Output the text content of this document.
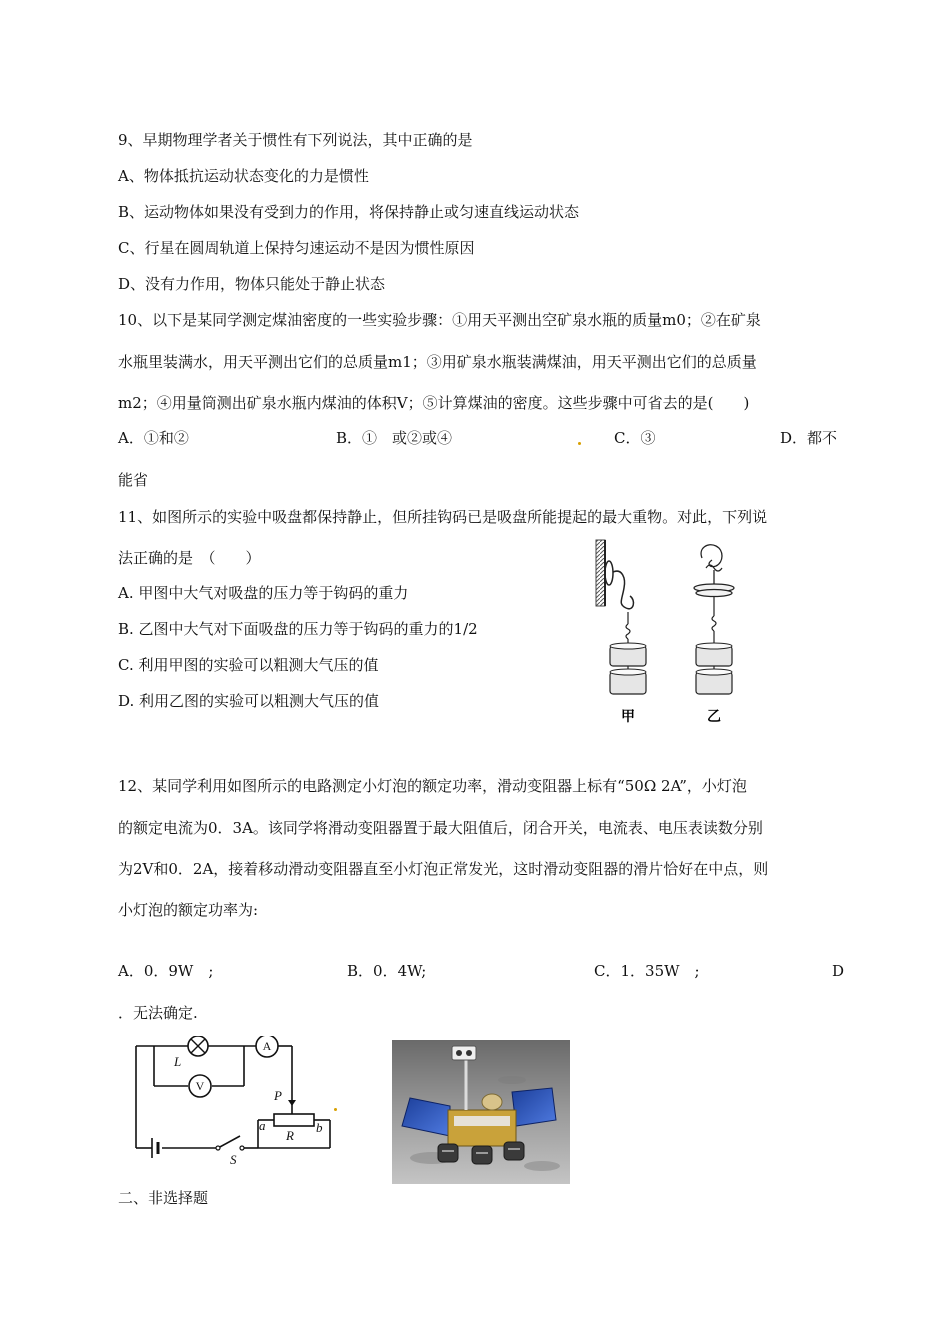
9、早期物理学者关于惯性有下列说法，其中正确的是
A、物体抵抗运动状态变化的力是惯性
B、运动物体如果没有受到力的作用，将保持静止或匀速直线运动状态
C、行星在圆周轨道上保持匀速运动不是因为惯性原因
D、没有力作用，物体只能处于静止状态
10、以下是某同学测定煤油密度的一些实验步骤：①用天平测出空矿泉水瓶的质量m0；②在矿泉
水瓶里装满水，用天平测出它们的总质量m1；③用矿泉水瓶装满煤油，用天平测出它们的总质量
m2；④用量筒测出矿泉水瓶内煤油的体积V；⑤计算煤油的密度。这些步骤中可省去的是(　　)
A．①和②	B．①　或②或④	C．③	D．都不
能省
11、如图所示的实验中吸盘都保持静止，但所挂钩码已是吸盘所能提起的最大重物。对此，下列说
法正确的是　（　　）
A. 甲图中大气对吸盘的压力等于钩码的重力
B. 乙图中大气对下面吸盘的压力等于钩码的重力的1/2
C. 利用甲图的实验可以粗测大气压的值
D. 利用乙图的实验可以粗测大气压的值
甲	乙
12、某同学利用如图所示的电路测定小灯泡的额定功率，滑动变阻器上标有“50Ω 2A”，小灯泡
的额定电流为0．3A。该同学将滑动变阻器置于最大阻值后，闭合开关，电流表、电压表读数分别
为2V和0．2A，接着移动滑动变阻器直至小灯泡正常发光，这时滑动变阻器的滑片恰好在中点，则
小灯泡的额定功率为:
A．0．9W　;	B．0．4W;	C．1．35W　;	D
．无法确定.
L
A
V
P
a
R
b
S
二、非选择题
